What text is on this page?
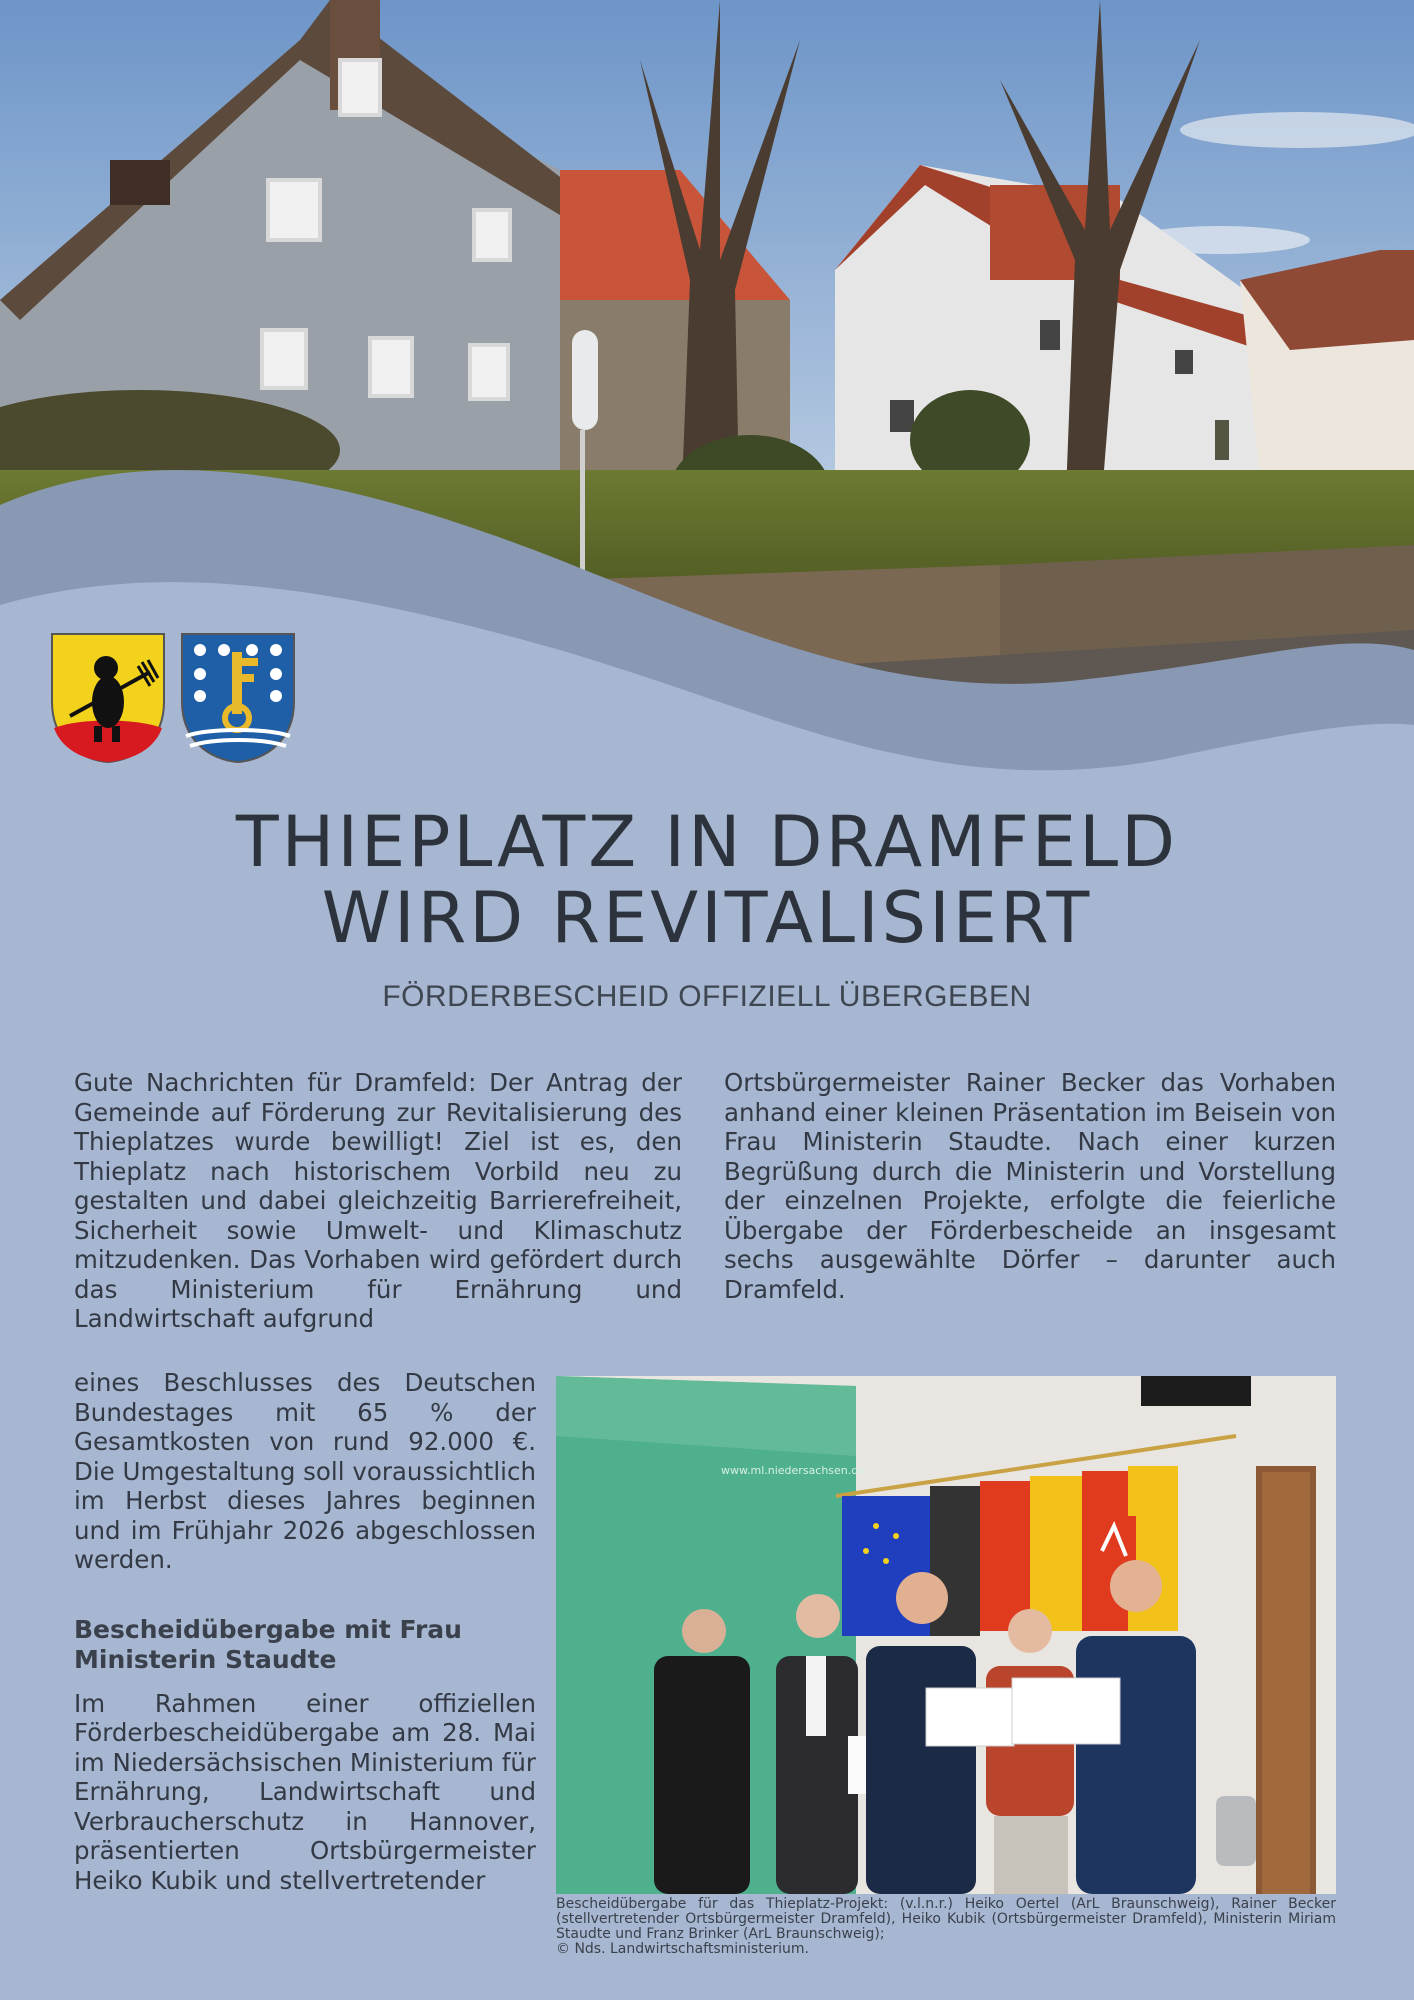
THIEPLATZ IN DRAMFELD
WIRD REVITALISIERT

FÖRDERBESCHEID OFFIZIELL ÜBERGEBEN

Gute Nachrichten für Dramfeld: Der Antrag der Gemeinde auf Förderung zur Revitalisierung des Thieplatzes wurde bewilligt! Ziel ist es, den Thieplatz nach historischem Vorbild neu zu gestalten und dabei gleichzeitig Barrierefreiheit, Sicherheit sowie Umwelt- und Klimaschutz mitzudenken. Das Vorhaben wird gefördert durch das Ministerium für Ernährung und Landwirtschaft aufgrund

Ortsbürgermeister Rainer Becker das Vorhaben anhand einer kleinen Präsentation im Beisein von Frau Ministerin Staudte. Nach einer kurzen Begrüßung durch die Ministerin und Vorstellung der einzelnen Projekte, erfolgte die feierliche Übergabe der Förderbescheide an insgesamt sechs ausgewählte Dörfer – darunter auch Dramfeld.

eines Beschlusses des Deutschen Bundestages mit 65 % der Gesamtkosten von rund 92.000 €. Die Umgestaltung soll voraussichtlich im Herbst dieses Jahres beginnen und im Frühjahr 2026 abgeschlossen werden.

Bescheidübergabe mit Frau Ministerin Staudte

Im Rahmen einer offiziellen Förderbescheidübergabe am 28. Mai im Niedersächsischen Ministerium für Ernährung, Landwirtschaft und Verbraucherschutz in Hannover, präsentierten Ortsbürgermeister Heiko Kubik und stellvertretender

www.ml.niedersachsen.de

Bescheidübergabe für das Thieplatz-Projekt: (v.l.n.r.) Heiko Oertel (ArL Braunschweig), Rainer Becker (stellvertretender Ortsbürgermeister Dramfeld), Heiko Kubik (Ortsbürgermeister Dramfeld), Ministerin Miriam Staudte und Franz Brinker (ArL Braunschweig);
© Nds. Landwirtschaftsministerium.
